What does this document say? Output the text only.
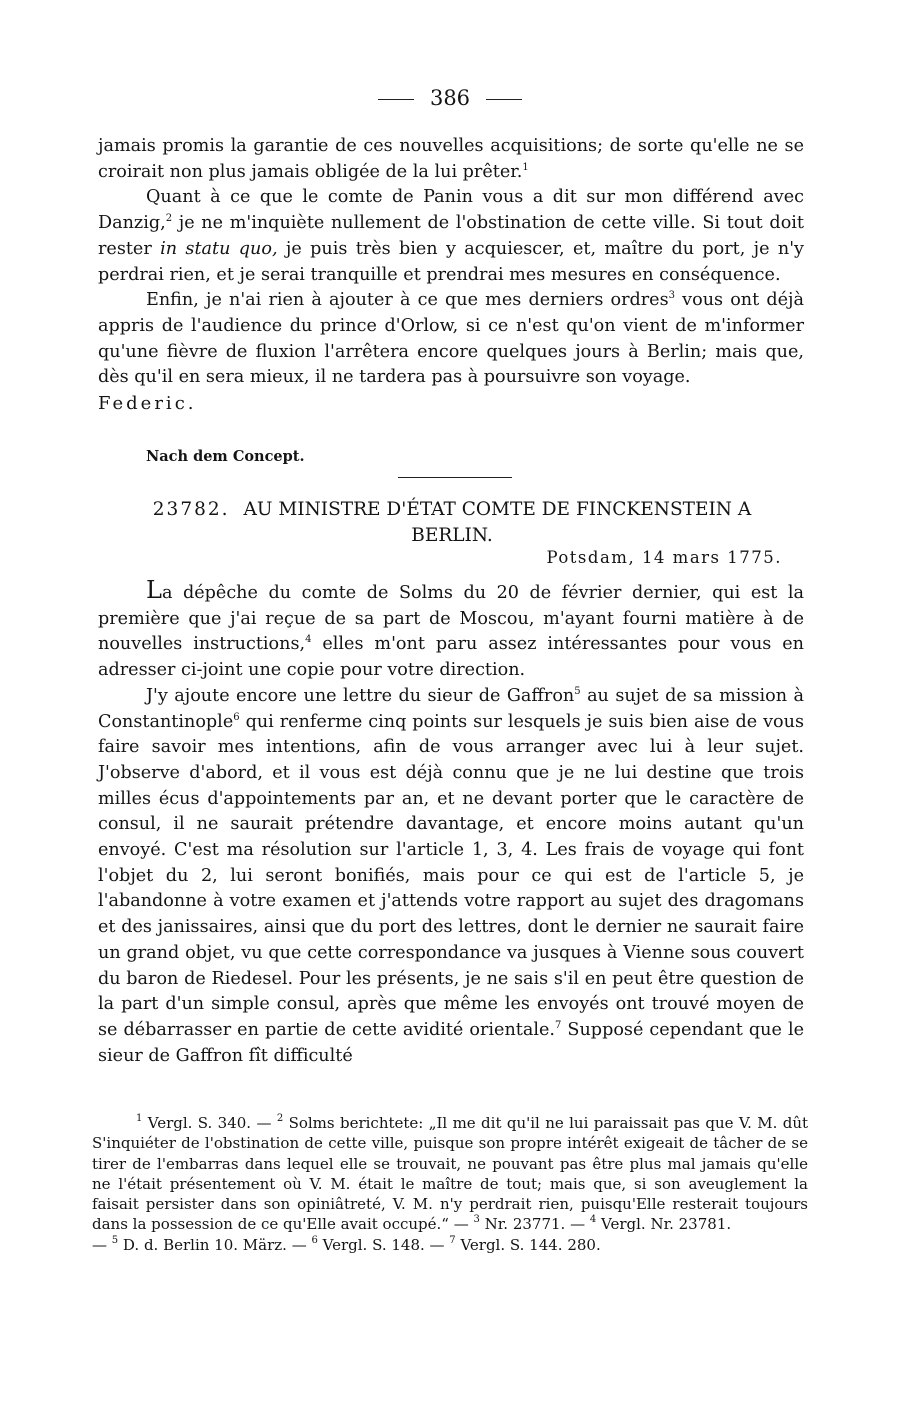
386

jamais promis la garantie de ces nouvelles acquisitions; de sorte qu'elle ne se croirait non plus jamais obligée de la lui prêter.$^1$

Quant à ce que le comte de Panin vous a dit sur mon différend avec Danzig,$^2$ je ne m'inquiète nullement de l'obstination de cette ville. Si tout doit rester in statu quo, je puis très bien y acquiescer, et, maître du port, je n'y perdrai rien, et je serai tranquille et prendrai mes mesures en conséquence.

Enfin, je n'ai rien à ajouter à ce que mes derniers ordres$^3$ vous ont déjà appris de l'audience du prince d'Orlow, si ce n'est qu'on vient de m'informer qu'une fièvre de fluxion l'arrêtera encore quelques jours à Berlin; mais que, dès qu'il en sera mieux, il ne tardera pas à poursuivre son voyage.

Federic.

Nach dem Concept.
23782. AU MINISTRE D'ÉTAT COMTE DE FINCKENSTEIN A BERLIN.
Potsdam, 14 mars 1775.

La dépêche du comte de Solms du 20 de février dernier, qui est la première que j'ai reçue de sa part de Moscou, m'ayant fourni matière à de nouvelles instructions,$^4$ elles m'ont paru assez intéressantes pour vous en adresser ci-joint une copie pour votre direction.

J'y ajoute encore une lettre du sieur de Gaffron$^5$ au sujet de sa mission à Constantinople$^6$ qui renferme cinq points sur lesquels je suis bien aise de vous faire savoir mes intentions, afin de vous arranger avec lui à leur sujet. J'observe d'abord, et il vous est déjà connu que je ne lui destine que trois milles écus d'appointements par an, et ne devant porter que le caractère de consul, il ne saurait prétendre davantage, et encore moins autant qu'un envoyé. C'est ma résolution sur l'article 1, 3, 4. Les frais de voyage qui font l'objet du 2, lui seront bonifiés, mais pour ce qui est de l'article 5, je l'abandonne à votre examen et j'attends votre rapport au sujet des dragomans et des janissaires, ainsi que du port des lettres, dont le dernier ne saurait faire un grand objet, vu que cette correspondance va jusques à Vienne sous couvert du baron de Riedesel. Pour les présents, je ne sais s'il en peut être question de la part d'un simple consul, après que même les envoyés ont trouvé moyen de se débarrasser en partie de cette avidité orientale.$^7$ Supposé cependant que le sieur de Gaffron fît difficulté

$^1$ Vergl. S. 340. — $^2$ Solms berichtete: „Il me dit qu'il ne lui paraissait pas que V. M. dût S'inquiéter de l'obstination de cette ville, puisque son propre intérêt exigeait de tâcher de se tirer de l'embarras dans lequel elle se trouvait, ne pouvant pas être plus mal jamais qu'elle ne l'était présentement où V. M. était le maître de tout; mais que, si son aveuglement la faisait persister dans son opiniâtreté, V. M. n'y perdrait rien, puisqu'Elle resterait toujours dans la possession de ce qu'Elle avait occupé.“ — $^3$ Nr. 23771. — $^4$ Vergl. Nr. 23781.

— $^5$ D. d. Berlin 10. März. — $^6$ Vergl. S. 148. — $^7$ Vergl. S. 144. 280.
